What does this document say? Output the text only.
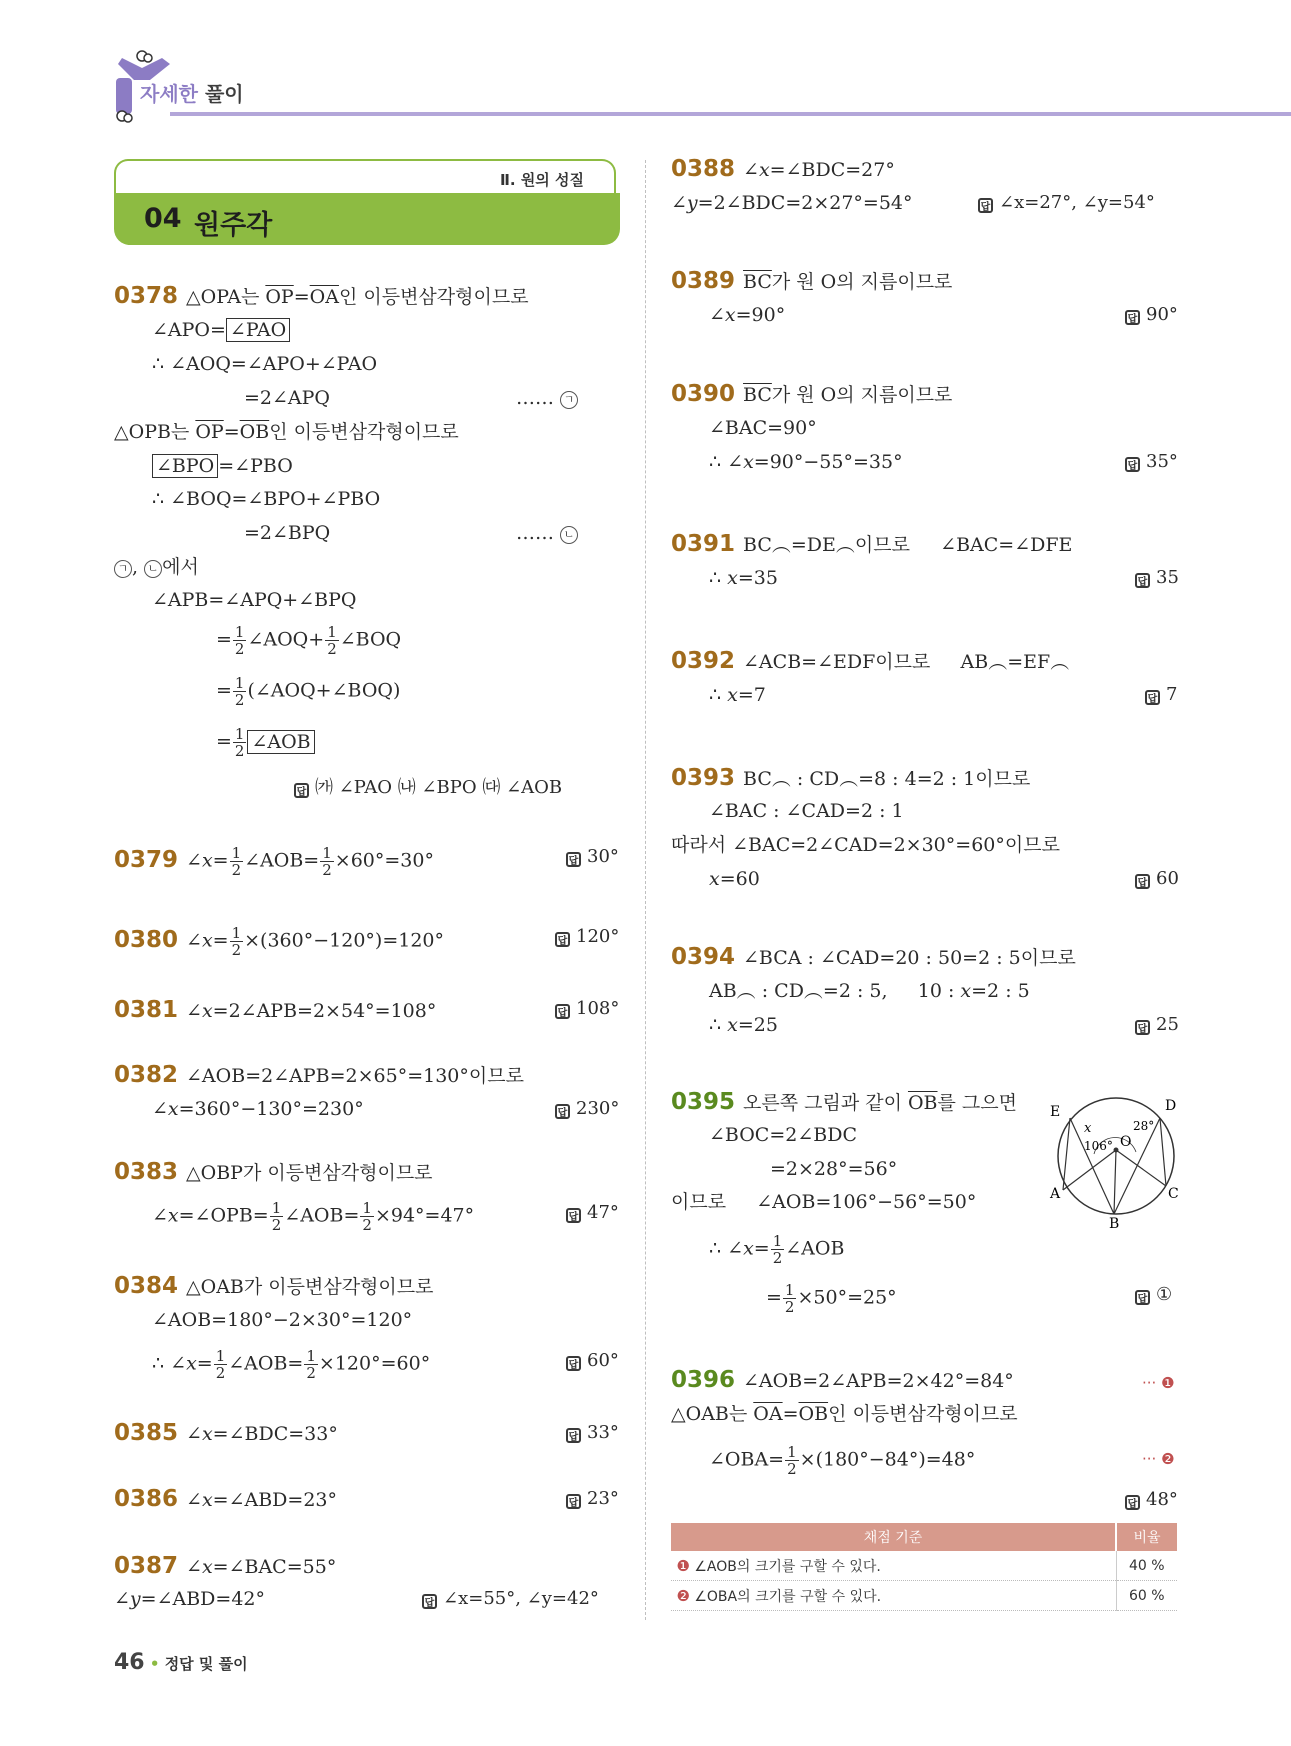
자세한 풀이
Ⅱ. 원의 성질
04 원주각
0378 △OPA는 $\overline{OP}=\overline{OA}$인 이등변삼각형이므로
∠APO= ∠PAO
∴ ∠AOQ=∠APO+∠PAO
=2∠APQ	…… ㄱ
△OPB는 $\overline{OP}=\overline{OB}$인 이등변삼각형이므로
∠BPO =∠PBO
∴ ∠BOQ=∠BPO+∠PBO
=2∠BPQ	…… ㄴ
ㄱ , ㄴ 에서
∠APB=∠APQ+∠BPQ
= $\frac{1}{2}$ ∠AOQ+ $\frac{1}{2}$ ∠BOQ
= $\frac{1}{2}$ (∠AOQ+∠BOQ)
= $\frac{1}{2}$ ∠AOB
답 ㈎ ∠PAO ㈏ ∠BPO ㈐ ∠AOB
0379 ∠x= $\frac{1}{2}$ ∠AOB= $\frac{1}{2} \times 60^\circ=30^\circ$	답 30°
0380 ∠x= $\frac{1}{2} \times(360^\circ-120^\circ)=120^\circ$	답 120°
0381 ∠x=2∠APB=2×54°=108°	답 108°
0382 ∠AOB=2∠APB=2×65°=130°이므로
∠x=360°−130°=230°	답 230°
0383 △OBP가 이등변삼각형이므로
∠x=∠OPB= $\frac{1}{2}$ ∠AOB= $\frac{1}{2} \times 94^\circ=47^\circ$	답 47°
0384 △OAB가 이등변삼각형이므로
∠AOB=180°−2×30°=120°
∴ ∠x= $\frac{1}{2}$ ∠AOB= $\frac{1}{2} \times 120^\circ=60^\circ$	답 60°
0385 ∠x=∠BDC=33°	답 33°
0386 ∠x=∠ABD=23°	답 23°
0387 ∠x=∠BAC=55°
∠y=∠ABD=42°	답 ∠x=55°, ∠y=42°
0388 ∠x=∠BDC=27°
∠y=2∠BDC=2×27°=54°	답 ∠x=27°, ∠y=54°
0389 $\overline{BC}$가 원 O의 지름이므로
∠x=90°	답 90°
0390 $\overline{BC}$가 원 O의 지름이므로
∠BAC=90°
∴ ∠x=90°−55°=35°	답 35°
0391 BC︵=DE︵이므로     ∠BAC=∠DFE
∴ x=35	답 35
0392 ∠ACB=∠EDF이므로     AB︵=EF︵
∴ x=7	답 7
0393 BC︵ : CD︵=8 : 4=2 : 1이므로
∠BAC : ∠CAD=2 : 1
따라서 ∠BAC=2∠CAD=2×30°=60°이므로
x=60	답 60
0394 ∠BCA : ∠CAD=20 : 50=2 : 5이므로
AB︵ : CD︵=2 : 5,     10 : x=2 : 5
∴ x=25	답 25
0395 오른쪽 그림과 같이 $\overline{OB}$를 그으면
∠BOC=2∠BDC
=2×28°=56°
이므로     ∠AOB=106°−56°=50°
∴ ∠x= $\frac{1}{2}$ ∠AOB
= $\frac{1}{2} \times 50^\circ=25^\circ$	답 ①
E	D
A	C
B
O
x
106°
28°
0396 ∠AOB=2∠APB=2×42°=84°	··· ❶
△OAB는 $\overline{OA}=\overline{OB}$인 이등변삼각형이므로
∠OBA= $\frac{1}{2} \times(180^\circ-84^\circ)=48^\circ$	··· ❷
답 48°
채점 기준	비율
❶ ∠AOB의 크기를 구할 수 있다.	40 %
❷ ∠OBA의 크기를 구할 수 있다.	60 %
46 • 정답 및 풀이
